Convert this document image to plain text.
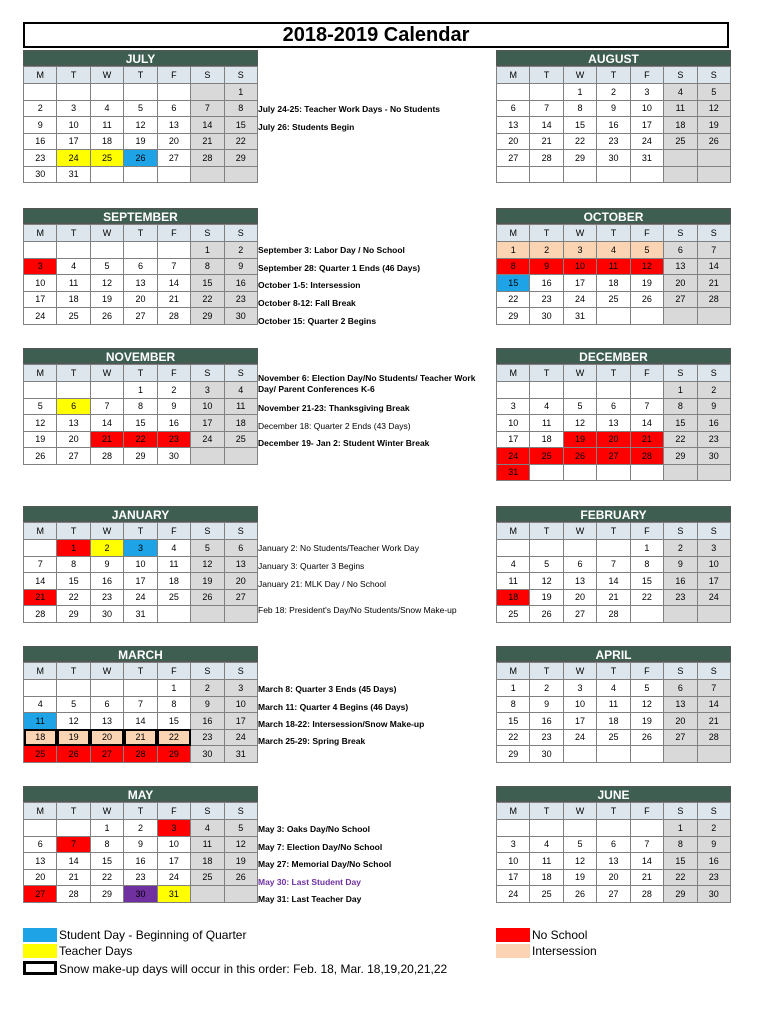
2018-2019 Calendar
JULY
M	T	W	T	F	S	S
						1
2	3	4	5	6	7	8
9	10	11	12	13	14	15
16	17	18	19	20	21	22
23	24	25	26	27	28	29
30	31					
AUGUST
M	T	W	T	F	S	S
		1	2	3	4	5
6	7	8	9	10	11	12
13	14	15	16	17	18	19
20	21	22	23	24	25	26
27	28	29	30	31		

SEPTEMBER
M	T	W	T	F	S	S
					1	2
3	4	5	6	7	8	9
10	11	12	13	14	15	16
17	18	19	20	21	22	23
24	25	26	27	28	29	30
OCTOBER
M	T	W	T	F	S	S
1	2	3	4	5	6	7
8	9	10	11	12	13	14
15	16	17	18	19	20	21
22	23	24	25	26	27	28
29	30	31				
NOVEMBER
M	T	W	T	F	S	S
			1	2	3	4
5	6	7	8	9	10	11
12	13	14	15	16	17	18
19	20	21	22	23	24	25
26	27	28	29	30		
DECEMBER
M	T	W	T	F	S	S
					1	2
3	4	5	6	7	8	9
10	11	12	13	14	15	16
17	18	19	20	21	22	23
24	25	26	27	28	29	30
31						
JANUARY
M	T	W	T	F	S	S
	1	2	3	4	5	6
7	8	9	10	11	12	13
14	15	16	17	18	19	20
21	22	23	24	25	26	27
28	29	30	31			
FEBRUARY
M	T	W	T	F	S	S
				1	2	3
4	5	6	7	8	9	10
11	12	13	14	15	16	17
18	19	20	21	22	23	24
25	26	27	28			
MARCH
M	T	W	T	F	S	S
				1	2	3
4	5	6	7	8	9	10
11	12	13	14	15	16	17
18	19	20	21	22	23	24
25	26	27	28	29	30	31
APRIL
M	T	W	T	F	S	S
1	2	3	4	5	6	7
8	9	10	11	12	13	14
15	16	17	18	19	20	21
22	23	24	25	26	27	28
29	30					
MAY
M	T	W	T	F	S	S
		1	2	3	4	5
6	7	8	9	10	11	12
13	14	15	16	17	18	19
20	21	22	23	24	25	26
27	28	29	30	31		
JUNE
M	T	W	T	F	S	S
					1	2
3	4	5	6	7	8	9
10	11	12	13	14	15	16
17	18	19	20	21	22	23
24	25	26	27	28	29	30
July 24-25: Teacher Work Days - No Students
July 26: Students Begin
September 3: Labor Day / No School
September 28: Quarter 1 Ends (46 Days)
October 1-5: Intersession
October 8-12: Fall Break
October 15: Quarter 2 Begins
November 6: Election Day/No Students/ Teacher Work Day/ Parent Conferences K-6
November 21-23: Thanksgiving Break
December 18: Quarter 2 Ends (43 Days)
December 19- Jan 2: Student Winter Break
January 2: No Students/Teacher Work Day
January 3: Quarter 3 Begins
January 21: MLK Day / No School
Feb 18: President's Day/No Students/Snow Make-up
March 8: Quarter 3 Ends (45 Days)
March 11: Quarter 4 Begins (46 Days)
March 18-22: Intersession/Snow Make-up
March 25-29: Spring Break
May 3: Oaks Day/No School
May 7: Election Day/No School
May 27: Memorial Day/No School
May 30: Last Student Day
May 31: Last Teacher Day
Student Day - Beginning of Quarter
Teacher Days
Snow make-up days will occur in this order: Feb. 18, Mar. 18,19,20,21,22
No School
Intersession
